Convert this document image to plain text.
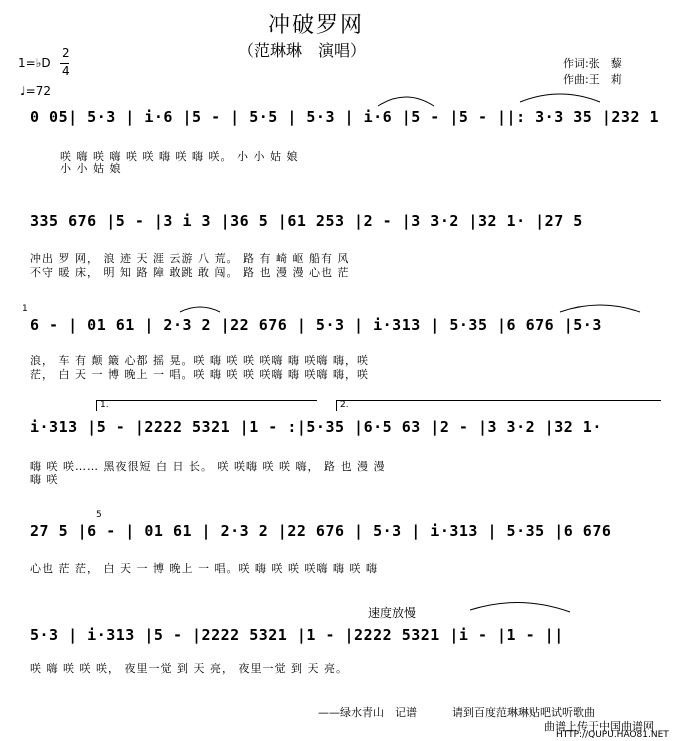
冲破罗网
（范琳琳　演唱）
作词:张　藜
作曲:王　莉
1=♭D
2
4
♩=72
0 05| 5·3 | i·6 |5 - | 5·5 | 5·3 | i·6 |5 - |5 - ||: 3·3 35 |232 1
咲 嗨 咲 嗨 咲 咲 嗨 咲 嗨 咲。 小 小 姑 娘
小 小 姑 娘
335 676 |5 - |3 i 3 |36 5 |61 253 |2 - |3 3·2 |32 1· |27 5
冲出 罗 网， 浪 迹 天 涯 云游 八 荒。 路 有 崎 岖 船有 风
不守 暖 床， 明 知 路 障 敢跳 敢 闯。 路 也 漫 漫 心也 茫
1
6 - | 01 61 | 2·3 2 |22 676 | 5·3 | i·313 | 5·35 |6 676 |5·3
浪， 车 有 颠 簸 心都 摇 晃。咲 嗨 咲 咲 咲嗨 嗨 咲嗨 嗨，咲
茫， 白 天 一 博 晚上 一 唱。咲 嗨 咲 咲 咲嗨 嗨 咲嗨 嗨，咲
1.	2.
i·313 |5 - |2222 5321 |1 - :|5·35 |6·5 63 |2 - |3 3·2 |32 1·
嗨 咲 咲…… 黑夜很短 白 日 长。 咲 咲嗨 咲 咲 嗨， 路 也 漫 漫
嗨 咲
5
27 5 |6 - | 01 61 | 2·3 2 |22 676 | 5·3 | i·313 | 5·35 |6 676
心也 茫 茫， 白 天 一 博 晚上 一 唱。咲 嗨 咲 咲 咲嗨 嗨 咲 嗨
速度放慢
5·3 | i·313 |5 - |2222 5321 |1 - |2222 5321 |i - |1 - ||
咲 嗨 咲 咲 咲， 夜里一觉 到 天 亮， 夜里一觉 到 天 亮。
——绿水青山　记谱	请到百度范琳琳贴吧试听歌曲
曲谱上传于中国曲谱网
HTTP://QUPU.HAO81.NET
